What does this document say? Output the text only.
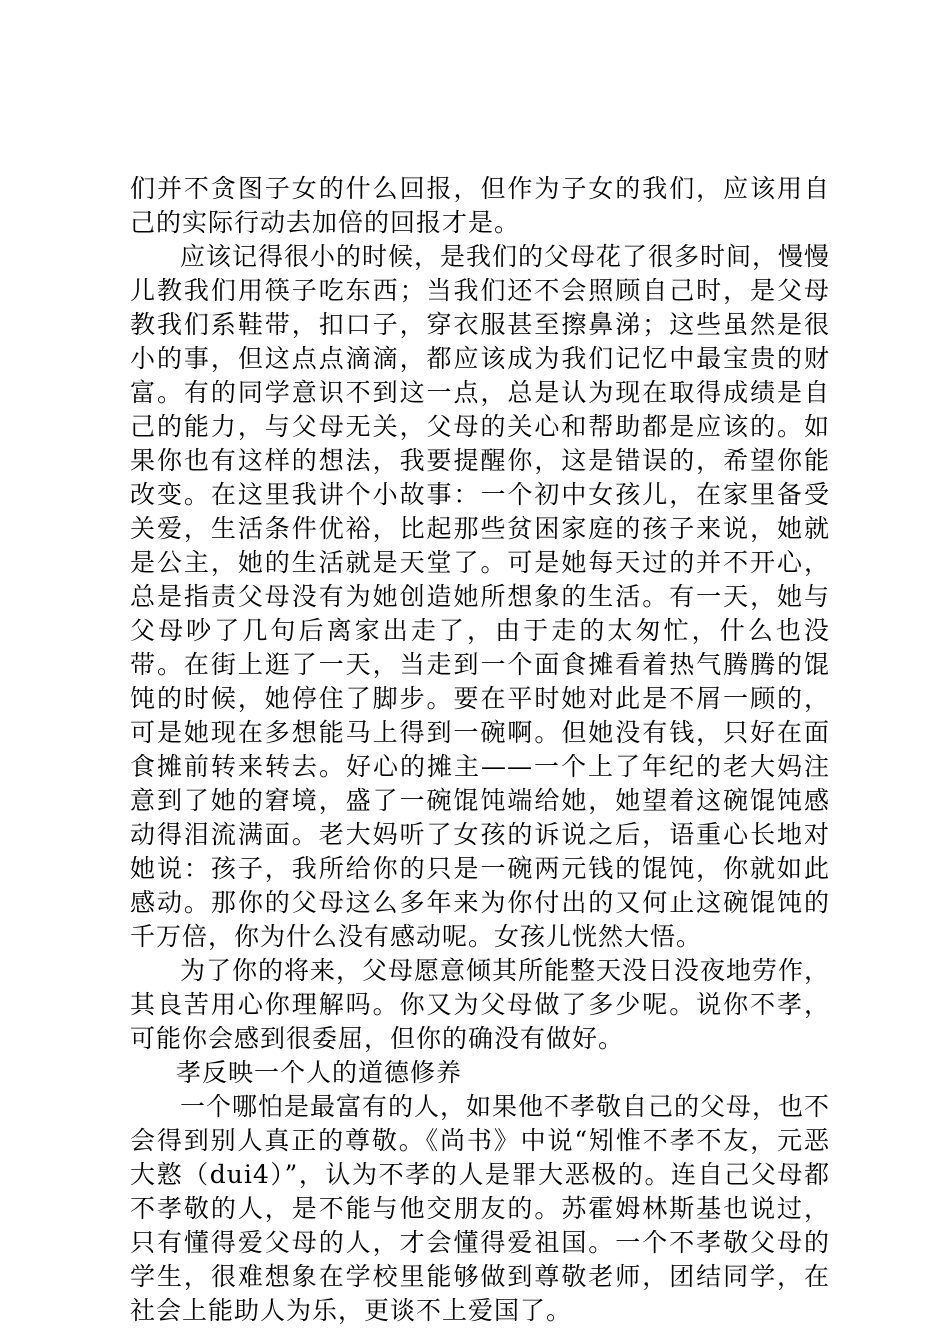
们并不贪图子女的什么回报，但作为子女的我们，应该用自己的实际行动去加倍的回报才是。

应该记得很小的时候，是我们的父母花了很多时间，慢慢儿教我们用筷子吃东西；当我们还不会照顾自己时，是父母教我们系鞋带，扣口子，穿衣服甚至擦鼻涕；这些虽然是很小的事，但这点点滴滴，都应该成为我们记忆中最宝贵的财富。有的同学意识不到这一点，总是认为现在取得成绩是自己的能力，与父母无关，父母的关心和帮助都是应该的。如果你也有这样的想法，我要提醒你，这是错误的，希望你能改变。在这里我讲个小故事：一个初中女孩儿，在家里备受关爱，生活条件优裕，比起那些贫困家庭的孩子来说，她就是公主，她的生活就是天堂了。可是她每天过的并不开心，总是指责父母没有为她创造她所想象的生活。有一天，她与父母吵了几句后离家出走了，由于走的太匆忙，什么也没带。在街上逛了一天，当走到一个面食摊看着热气腾腾的馄饨的时候，她停住了脚步。要在平时她对此是不屑一顾的，可是她现在多想能马上得到一碗啊。但她没有钱，只好在面食摊前转来转去。好心的摊主——一个上了年纪的老大妈注意到了她的窘境，盛了一碗馄饨端给她，她望着这碗馄饨感动得泪流满面。老大妈听了女孩的诉说之后，语重心长地对她说：孩子，我所给你的只是一碗两元钱的馄饨，你就如此感动。那你的父母这么多年来为你付出的又何止这碗馄饨的千万倍，你为什么没有感动呢。女孩儿恍然大悟。

为了你的将来，父母愿意倾其所能整天没日没夜地劳作，其良苦用心你理解吗。你又为父母做了多少呢。说你不孝，可能你会感到很委屈，但你的确没有做好。

孝反映一个人的道德修养

一个哪怕是最富有的人，如果他不孝敬自己的父母，也不会得到别人真正的尊敬。《尚书》中说“矧惟不孝不友，元恶大憝（dui4）”，认为不孝的人是罪大恶极的。连自己父母都不孝敬的人，是不能与他交朋友的。苏霍姆林斯基也说过，只有懂得爱父母的人，才会懂得爱祖国。一个不孝敬父母的学生，很难想象在学校里能够做到尊敬老师，团结同学，在社会上能助人为乐，更谈不上爱国了。
